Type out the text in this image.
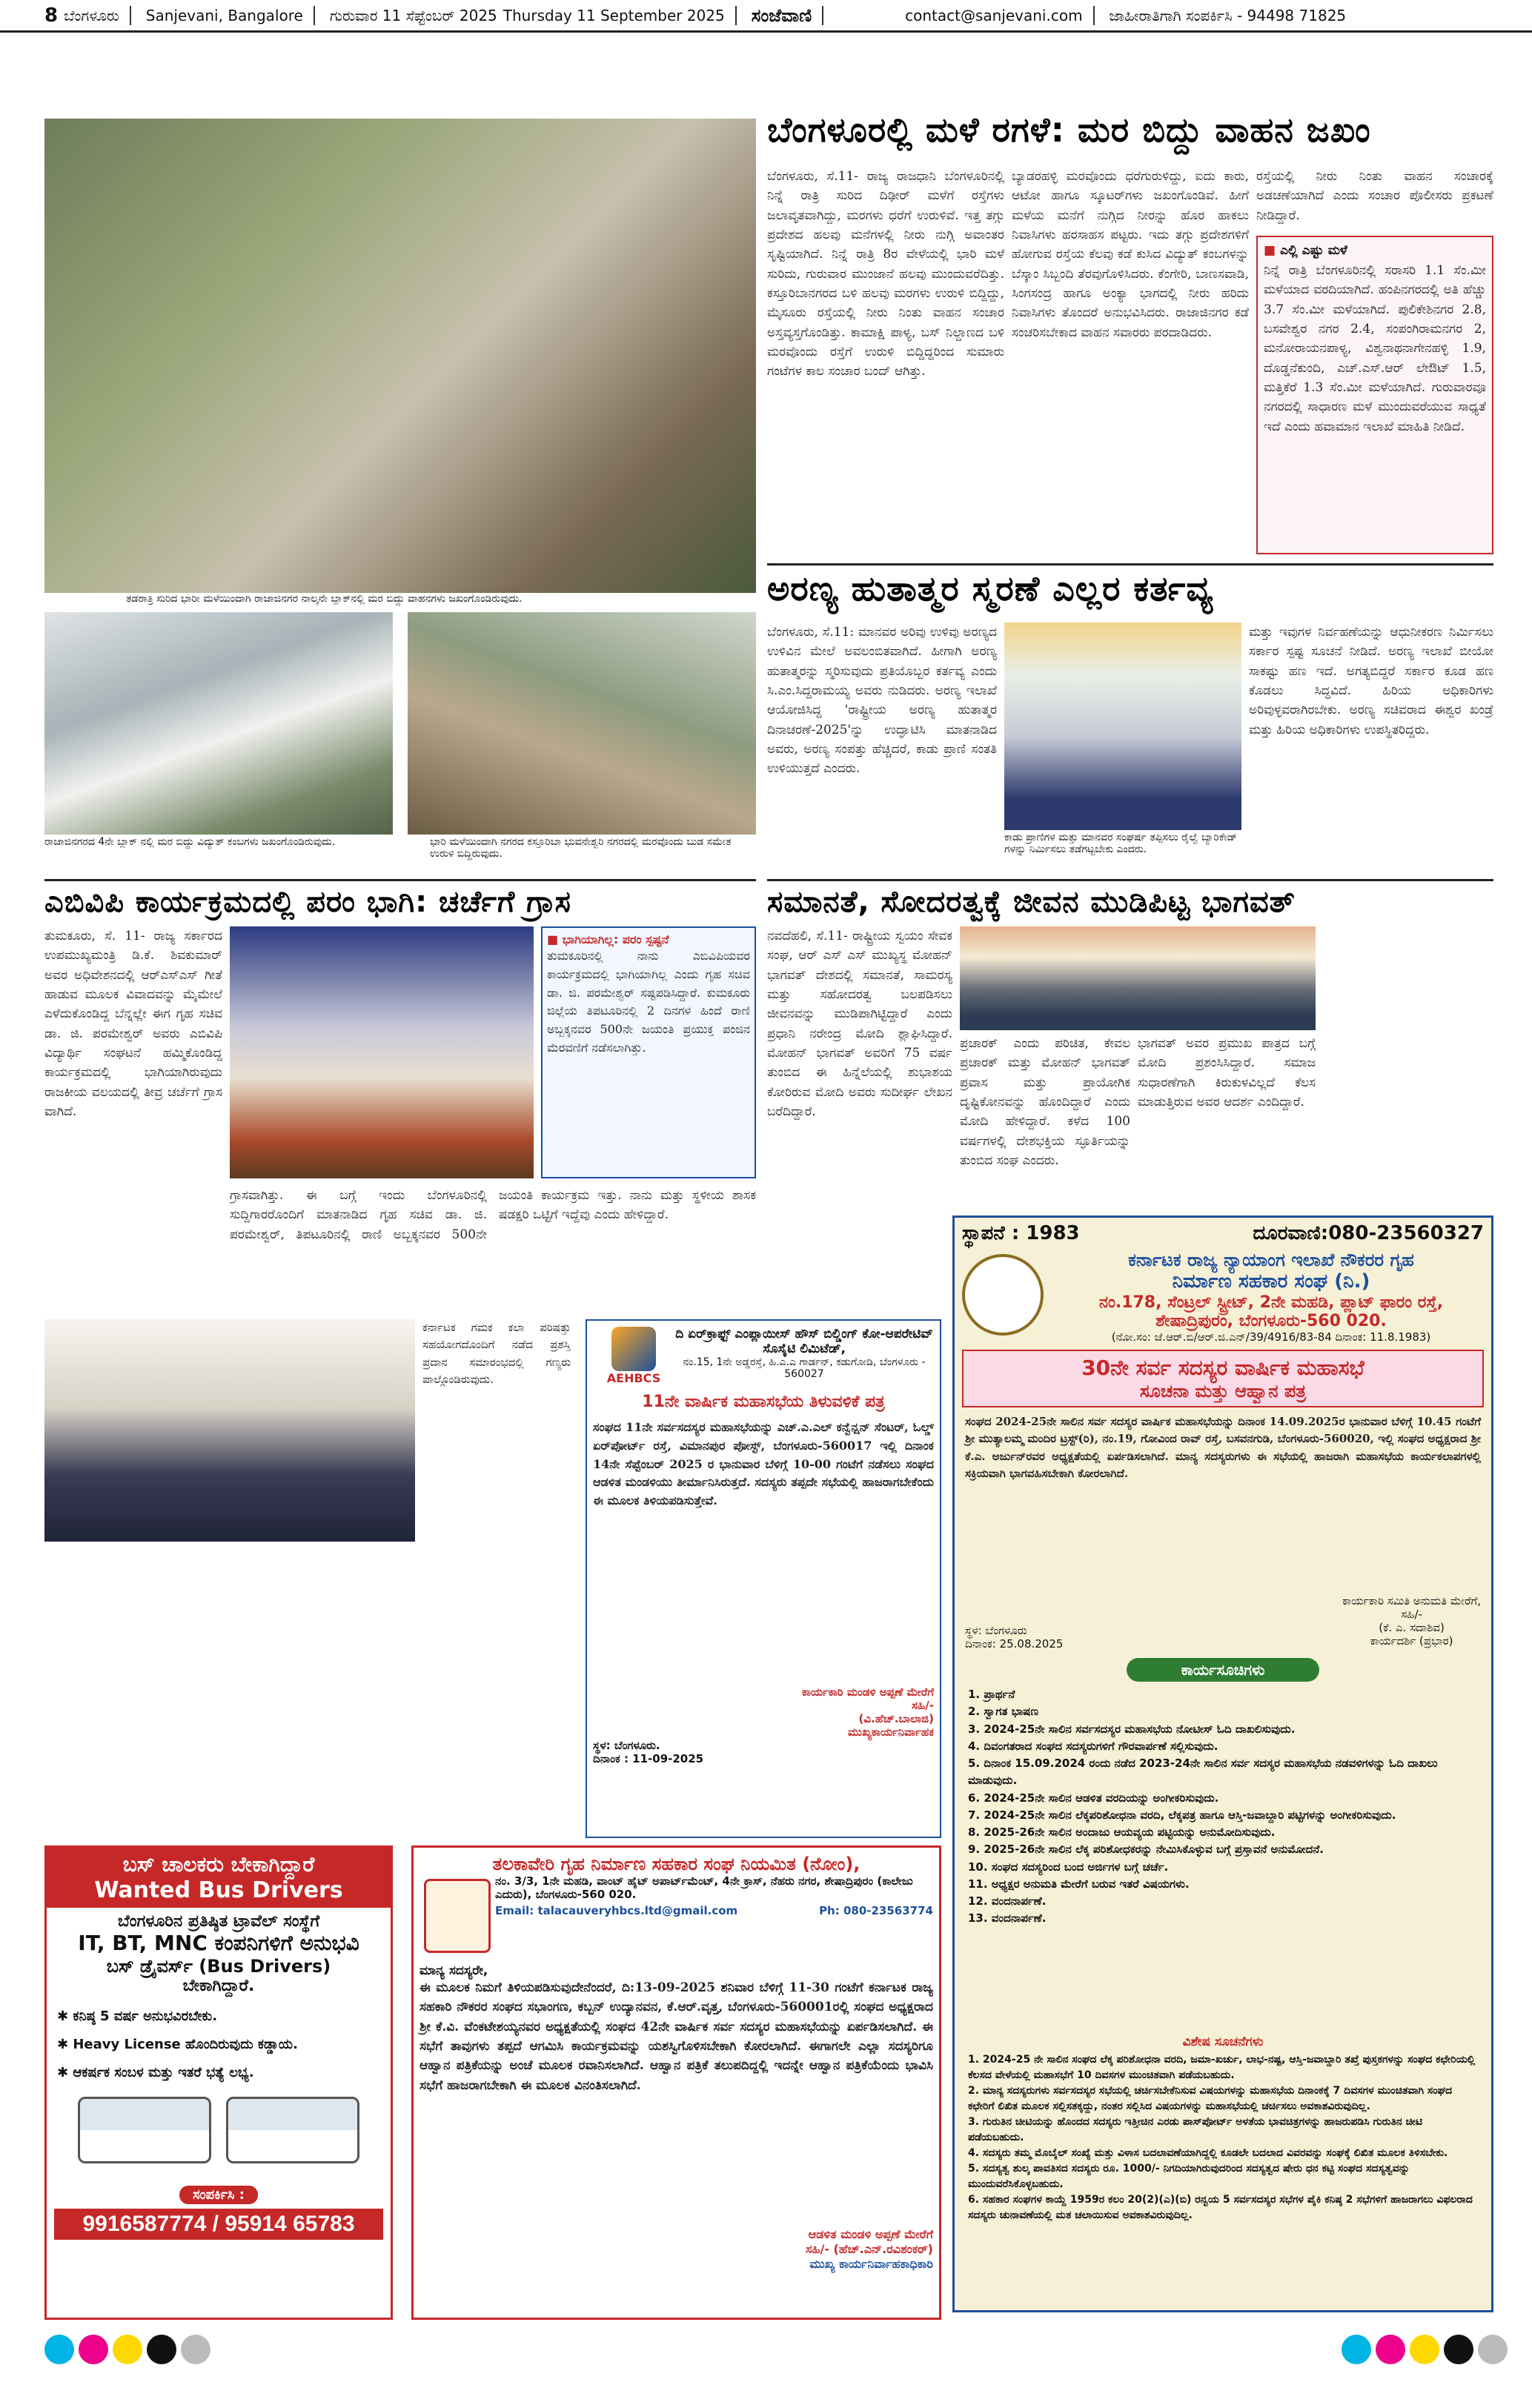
8 ಬೆಂಗಳೂರು Sanjevani, Bangalore ಗುರುವಾರ 11 ಸೆಪ್ಟೆಂಬರ್ 2025 Thursday 11 September 2025 ಸಂಜೆವಾಣಿ	contact@sanjevani.com ಜಾಹೀರಾತಿಗಾಗಿ ಸಂಪರ್ಕಿಸಿ - 94498 71825
ತಡರಾತ್ರಿ ಸುರಿದ ಭಾರೀ ಮಳೆಯಿಂದಾಗಿ ರಾಜಾಜಿನಗರ ನಾಲ್ಕನೇ ಬ್ಲಾಕ್‌ನಲ್ಲಿ ಮರ ಬಿದ್ದು ವಾಹನಗಳು ಜಖಂಗೊಂಡಿರುವುದು.
ರಾಜಾಜಿನಗರದ 4ನೇ ಬ್ಲಾಕ್ ನಲ್ಲಿ ಮರ ಬಿದ್ದು ವಿದ್ಯುತ್ ಕಂಬಗಳು ಜಖಂಗೊಂಡಿರುವುದು.	ಭಾರಿ ಮಳೆಯಿಂದಾಗಿ ನಗರದ ಕಸ್ತೂರಿಬಾ ಭುವನೇಶ್ವರಿ ನಗರದಲ್ಲಿ ಮರವೊಂದು ಬುಡ ಸಮೇತ ಉರುಳಿ ಬಿದ್ದಿರುವುದು.
ಬೆಂಗಳೂರಲ್ಲಿ ಮಳೆ ರಗಳೆ: ಮರ ಬಿದ್ದು ವಾಹನ ಜಖಂ
ಬೆಂಗಳೂರು, ಸೆ.11- ರಾಜ್ಯ ರಾಜಧಾನಿ ಬೆಂಗಳೂರಿನಲ್ಲಿ ನಿನ್ನೆ ರಾತ್ರಿ ಸುರಿದ ದಿಢೀರ್ ಮಳೆಗೆ ರಸ್ತೆಗಳು ಜಲಾವೃತವಾಗಿದ್ದು, ಮರಗಳು ಧರೆಗೆ ಉರುಳಿವೆ. ಇತ್ತ ತಗ್ಗು ಪ್ರದೇಶದ ಹಲವು ಮನೆಗಳಲ್ಲಿ ನೀರು ನುಗ್ಗಿ ಅವಾಂತರ ಸೃಷ್ಟಿಯಾಗಿದೆ. ನಿನ್ನೆ ರಾತ್ರಿ 8ರ ವೇಳೆಯಲ್ಲಿ ಭಾರಿ ಮಳೆ ಸುರಿದು, ಗುರುವಾರ ಮುಂಜಾನೆ ಹಲವು ಮುಂದುವರೆದಿತ್ತು. ಕಸ್ತೂರಿಬಾನಗರದ ಬಳಿ ಹಲವು ಮರಗಳು ಉರುಳಿ ಬಿದ್ದಿದ್ದು, ಮೈಸೂರು ರಸ್ತೆಯಲ್ಲಿ ನೀರು ನಿಂತು ವಾಹನ ಸಂಚಾರ ಅಸ್ತವ್ಯಸ್ತಗೊಂಡಿತ್ತು. ಕಾಮಾಕ್ಷಿ ಪಾಳ್ಯ, ಬಸ್ ನಿಲ್ದಾಣದ ಬಳಿ ಮರವೊಂದು ರಸ್ತೆಗೆ ಉರುಳಿ ಬಿದ್ದಿದ್ದರಿಂದ ಸುಮಾರು ಗಂಟೆಗಳ ಕಾಲ ಸಂಚಾರ ಬಂದ್ ಆಗಿತ್ತು.
ಬ್ಯಾಡರಹಳ್ಳಿ ಮರವೊಂದು ಧರೆಗುರುಳಿದ್ದು, ಐದು ಕಾರು, ಆಟೋ ಹಾಗೂ ಸ್ಕೂಟರ್‌ಗಳು ಜಖಂಗೊಂಡಿವೆ. ಹೀಗೆ ಮಳೆಯ ಮನೆಗೆ ನುಗ್ಗಿದ ನೀರನ್ನು ಹೊರ ಹಾಕಲು ನಿವಾಸಿಗಳು ಹರಸಾಹಸ ಪಟ್ಟರು. ಇದು ತಗ್ಗು ಪ್ರದೇಶಗಳಿಗೆ ಹೋಗುವ ರಸ್ತೆಯ ಕೆಲವು ಕಡೆ ಕುಸಿದ ವಿದ್ಯುತ್ ಕಂಬಗಳನ್ನು ಬೆಸ್ಕಾಂ ಸಿಬ್ಬಂದಿ ತೆರವುಗೊಳಿಸಿದರು. ಕೆಂಗೇರಿ, ಬಾಣಸವಾಡಿ, ಸಿಂಗಸಂದ್ರ ಹಾಗೂ ಅಂಕ್ಯಾ ಭಾಗದಲ್ಲಿ ನೀರು ಹರಿದು ನಿವಾಸಿಗಳು ತೊಂದರೆ ಅನುಭವಿಸಿದರು. ರಾಜಾಜಿನಗರ ಕಡೆ ಸಂಚರಿಸಬೇಕಾದ ವಾಹನ ಸವಾರರು ಪರದಾಡಿದರು.
ರಸ್ತೆಯಲ್ಲಿ ನೀರು ನಿಂತು ವಾಹನ ಸಂಚಾರಕ್ಕೆ ಅಡಚಣೆಯಾಗಿದೆ ಎಂದು ಸಂಚಾರ ಪೊಲೀಸರು ಪ್ರಕಟಣೆ ನೀಡಿದ್ದಾರೆ.
■ ಎಲ್ಲಿ ಎಷ್ಟು ಮಳೆ
ನಿನ್ನೆ ರಾತ್ರಿ ಬೆಂಗಳೂರಿನಲ್ಲಿ ಸರಾಸರಿ 1.1 ಸೆಂ.ಮೀ ಮಳೆಯಾದ ವರದಿಯಾಗಿದೆ. ಹಂಪಿನಗರದಲ್ಲಿ ಅತಿ ಹೆಚ್ಚು 3.7 ಸೆಂ.ಮೀ ಮಳೆಯಾಗಿದೆ. ಪುಲಿಕೇಶಿನಗರ 2.8, ಬಸವೇಶ್ವರ ನಗರ 2.4, ಸಂಪಂಗಿರಾಮನಗರ 2, ಮನೋರಾಯನಪಾಳ್ಯ, ವಿಶ್ವನಾಥನಾಗೇನಹಳ್ಳಿ 1.9, ದೊಡ್ಡನೆಕುಂದಿ, ಎಚ್.ಎಸ್.ಆರ್ ಲೇಔಟ್ 1.5, ಮತ್ತಿಕೆರೆ 1.3 ಸೆಂ.ಮೀ ಮಳೆಯಾಗಿದೆ. ಗುರುವಾರವೂ ನಗರದಲ್ಲಿ ಸಾಧಾರಣ ಮಳೆ ಮುಂದುವರೆಯುವ ಸಾಧ್ಯತೆ ಇದೆ ಎಂದು ಹವಾಮಾನ ಇಲಾಖೆ ಮಾಹಿತಿ ನೀಡಿದೆ.
ಅರಣ್ಯ ಹುತಾತ್ಮರ ಸ್ಮರಣೆ ಎಲ್ಲರ ಕರ್ತವ್ಯ
ಬೆಂಗಳೂರು, ಸೆ.11: ಮಾನವರ ಅರಿವು ಉಳಿವು ಅರಣ್ಯದ ಉಳಿವಿನ ಮೇಲೆ ಅವಲಂಬಿತವಾಗಿದೆ. ಹೀಗಾಗಿ ಅರಣ್ಯ ಹುತಾತ್ಮರನ್ನು ಸ್ಮರಿಸುವುದು ಪ್ರತಿಯೊಬ್ಬರ ಕರ್ತವ್ಯ ಎಂದು ಸಿ.ಎಂ.ಸಿದ್ದರಾಮಯ್ಯ ಅವರು ನುಡಿದರು. ಅರಣ್ಯ ಇಲಾಖೆ ಆಯೋಜಿಸಿದ್ದ 'ರಾಷ್ಟ್ರೀಯ ಅರಣ್ಯ ಹುತಾತ್ಮರ ದಿನಾಚರಣೆ-2025'ನ್ನು ಉದ್ಘಾಟಿಸಿ ಮಾತನಾಡಿದ ಅವರು, ಅರಣ್ಯ ಸಂಪತ್ತು ಹೆಚ್ಚಿದರೆ, ಕಾಡು ಪ್ರಾಣಿ ಸಂತತಿ ಉಳಿಯುತ್ತದೆ ಎಂದರು.
ಕಾಡು ಪ್ರಾಣಿಗಳ ಮತ್ತು ಮಾನವರ ಸಂಘರ್ಷ ತಪ್ಪಿಸಲು ರೈಲ್ವೆ ಬ್ಯಾರಿಕೇಡ್ ಗಳನ್ನು ನಿರ್ಮಿಸಲು ತಡೆಗಟ್ಟಬೇಕು ಎಂದರು.
ಮತ್ತು ಇವುಗಳ ನಿರ್ವಹಣೆಯನ್ನು ಆಧುನೀಕರಣ ನಿರ್ಮಿಸಲು ಸರ್ಕಾರ ಸ್ಪಷ್ಟ ಸೂಚನೆ ನೀಡಿದೆ. ಅರಣ್ಯ ಇಲಾಖೆ ಬೀಯೋ ಸಾಕಷ್ಟು ಹಣ ಇದೆ. ಅಗತ್ಯಬಿದ್ದರೆ ಸರ್ಕಾರ ಕೂಡ ಹಣ ಕೊಡಲು ಸಿದ್ಧವಿದೆ. ಹಿರಿಯ ಅಧಿಕಾರಿಗಳು ಅರಿವುಳ್ಳವರಾಗಿರಬೇಕು. ಅರಣ್ಯ ಸಚಿವರಾದ ಈಶ್ವರ ಖಂಡ್ರೆ ಮತ್ತು ಹಿರಿಯ ಅಧಿಕಾರಿಗಳು ಉಪಸ್ಥಿತರಿದ್ದರು.
ಎಬಿವಿಪಿ ಕಾರ್ಯಕ್ರಮದಲ್ಲಿ ಪರಂ ಭಾಗಿ: ಚರ್ಚೆಗೆ ಗ್ರಾಸ
ತುಮಕೂರು, ಸೆ. 11- ರಾಜ್ಯ ಸರ್ಕಾರದ ಉಪಮುಖ್ಯಮಂತ್ರಿ ಡಿ.ಕೆ. ಶಿವಕುಮಾರ್ ಅವರ ಅಧಿವೇಶನದಲ್ಲಿ ಆರ್‌ಎಸ್‌ಎಸ್ ಗೀತೆ ಹಾಡುವ ಮೂಲಕ ವಿವಾದವನ್ನು ಮೈಮೇಲೆ ಎಳೆದುಕೊಂಡಿದ್ದ ಬೆನ್ನಲ್ಲೇ ಈಗ ಗೃಹ ಸಚಿವ ಡಾ. ಜಿ. ಪರಮೇಶ್ವರ್ ಅವರು ಎಬಿವಿಪಿ ವಿದ್ಯಾರ್ಥಿ ಸಂಘಟನೆ ಹಮ್ಮಿಕೊಂಡಿದ್ದ ಕಾರ್ಯಕ್ರಮದಲ್ಲಿ ಭಾಗಿಯಾಗಿರುವುದು ರಾಜಕೀಯ ವಲಯದಲ್ಲಿ ತೀವ್ರ ಚರ್ಚೆಗೆ ಗ್ರಾಸ ವಾಗಿದೆ.
■ ಭಾಗಿಯಾಗಿಲ್ಲ: ಪರಂ ಸ್ಪಷ್ಟನೆ
ತುಮಕೂರಿನಲ್ಲಿ ನಾನು ಎಬಿವಿಪಿಯವರ ಕಾರ್ಯಕ್ರಮದಲ್ಲಿ ಭಾಗಿಯಾಗಿಲ್ಲ ಎಂದು ಗೃಹ ಸಚಿವ ಡಾ. ಜಿ. ಪರಮೇಶ್ವರ್ ಸಷ್ಟಪಡಿಸಿದ್ದಾರೆ. ಕುಮಕೂರು ಜಿಲ್ಲೆಯ ತಿಪಟೂರಿನಲ್ಲಿ 2 ದಿನಗಳ ಹಿಂದೆ ರಾಣಿ ಅಬ್ಬಕ್ಕನವರ 500ನೇ ಜಯಂತಿ ಪ್ರಯುಕ್ತ ಪಂಜಿನ ಮೆರವಣಿಗೆ ನಡೆಸಲಾಗಿತ್ತು.
ಗ್ರಾಸವಾಗಿತ್ತು. ಈ ಬಗ್ಗೆ ಇಂದು ಬೆಂಗಳೂರಿನಲ್ಲಿ ಸುದ್ದಿಗಾರರೊಂದಿಗೆ ಮಾತನಾಡಿದ ಗೃಹ ಸಚಿವ ಡಾ. ಜಿ. ಪರಮೇಶ್ವರ್, ತಿಪಟೂರಿನಲ್ಲಿ ರಾಣಿ ಅಬ್ಬಕ್ಕನವರ 500ನೇ ಜಯಂತಿ ಕಾರ್ಯಕ್ರಮ ಇತ್ತು. ನಾನು ಮತ್ತು ಸ್ಥಳೀಯ ಶಾಸಕ ಷಡಕ್ಷರಿ ಒಟ್ಟಿಗೆ ಇದ್ದೆವು ಎಂದು ಹೇಳಿದ್ದಾರೆ.
ಸಮಾನತೆ, ಸೋದರತ್ವಕ್ಕೆ ಜೀವನ ಮುಡಿಪಿಟ್ಟ ಭಾಗವತ್
ನವದೆಹಲಿ, ಸೆ.11- ರಾಷ್ಟ್ರೀಯ ಸ್ವಯಂ ಸೇವಕ ಸಂಘ, ಆರ್ ಎಸ್ ಎಸ್ ಮುಖ್ಯಸ್ಥ ಮೋಹನ್ ಭಾಗವತ್ ದೇಶದಲ್ಲಿ ಸಮಾನತೆ, ಸಾಮರಸ್ಯ ಮತ್ತು ಸಹೋದರತ್ವ ಬಲಪಡಿಸಲು ಜೀವನವನ್ನು ಮುಡಿಪಾಗಿಟ್ಟಿದ್ದಾರೆ ಎಂದು ಪ್ರಧಾನಿ ನರೇಂದ್ರ ಮೋದಿ ಶ್ಲಾಘಿಸಿದ್ದಾರೆ. ಮೋಹನ್ ಭಾಗವತ್ ಅವರಿಗೆ 75 ವರ್ಷ ತುಂಬಿದ ಈ ಹಿನ್ನೆಲೆಯಲ್ಲಿ ಶುಭಾಶಯ ಕೋರಿರುವ ಮೋದಿ ಅವರು ಸುದೀರ್ಘ ಲೇಖನ ಬರೆದಿದ್ದಾರೆ.
ಪ್ರಚಾರಕ್ ಎಂದು ಪರಿಚಿತ, ಕೇವಲ ಪ್ರಚಾರಕ್ ಮತ್ತು ಮೋಹನ್ ಭಾಗವತ್ ಪ್ರವಾಸ ಮತ್ತು ಪ್ರಾಯೋಗಿಕ ದೃಷ್ಟಿಕೋನವನ್ನು ಹೊಂದಿದ್ದಾರೆ ಎಂದು ಮೋದಿ ಹೇಳಿದ್ದಾರೆ. ಕಳೆದ 100 ವರ್ಷಗಳಲ್ಲಿ ದೇಶಭಕ್ತಿಯ ಸ್ಫೂರ್ತಿಯನ್ನು ತುಂಬಿದ ಸಂಘ ಎಂದರು.
ಭಾಗವತ್ ಅವರ ಪ್ರಮುಖ ಪಾತ್ರದ ಬಗ್ಗೆ ಮೋದಿ ಪ್ರಶಂಸಿಸಿದ್ದಾರೆ. ಸಮಾಜ ಸುಧಾರಣೆಗಾಗಿ ಕಿರುಕುಳವಿಲ್ಲದೆ ಕೆಲಸ ಮಾಡುತ್ತಿರುವ ಅವರ ಆದರ್ಶ ಎಂದಿದ್ದಾರೆ.
ಸ್ಥಾಪನೆ : 1983	ದೂರವಾಣಿ:080-23560327
ಕರ್ನಾಟಕ ರಾಜ್ಯ ನ್ಯಾಯಾಂಗ ಇಲಾಖೆ ನೌಕರರ ಗೃಹ
ನಿರ್ಮಾಣ ಸಹಕಾರ ಸಂಘ (ನಿ.)
ನಂ.178, ಸೆಂಟ್ರಲ್ ಸ್ಟ್ರೀಟ್, 2ನೇ ಮಹಡಿ, ಪ್ಲಾಟ್ ಫಾರಂ ರಸ್ತೆ,
ಶೇಷಾದ್ರಿಪುರಂ, ಬೆಂಗಳೂರು-560 020.
(ನೋ.ಸಂ: ಜೆ.ಆರ್.ಬಿ/ಆರ್.ಜಿ.ಎನ್/39/4916/83-84 ದಿನಾಂಕ: 11.8.1983)
30ನೇ ಸರ್ವ ಸದಸ್ಯರ ವಾರ್ಷಿಕ ಮಹಾಸಭೆ
ಸೂಚನಾ ಮತ್ತು ಆಹ್ವಾನ ಪತ್ರ
ಸಂಘದ 2024-25ನೇ ಸಾಲಿನ ಸರ್ವ ಸದಸ್ಯರ ವಾರ್ಷಿಕ ಮಹಾಸಭೆಯನ್ನು ದಿನಾಂಕ 14.09.2025ರ ಭಾನುವಾರ ಬೆಳಿಗ್ಗೆ 10.45 ಗಂಟೆಗೆ ಶ್ರೀ ಮುತ್ಯಾಲಮ್ಮ ಮಂದಿರ ಟ್ರಸ್ಟ್(ರಿ), ನಂ.19, ಗೋವಿಂದ ರಾವ್ ರಸ್ತೆ, ಬಸವನಗುಡಿ, ಬೆಂಗಳೂರು-560020, ಇಲ್ಲಿ ಸಂಘದ ಅಧ್ಯಕ್ಷರಾದ ಶ್ರೀ ಕೆ.ಎ. ಅರ್ಜುನ್‌ರವರ ಅಧ್ಯಕ್ಷತೆಯಲ್ಲಿ ಏರ್ಪಡಿಸಲಾಗಿದೆ. ಮಾನ್ಯ ಸದಸ್ಯರುಗಳು ಈ ಸಭೆಯಲ್ಲಿ ಹಾಜರಾಗಿ ಮಹಾಸಭೆಯ ಕಾರ್ಯಕಲಾಪಗಳಲ್ಲಿ ಸಕ್ರಿಯವಾಗಿ ಭಾಗವಹಿಸಬೇಕಾಗಿ ಕೋರಲಾಗಿದೆ.
ಸ್ಥಳ: ಬೆಂಗಳೂರು
ದಿನಾಂಕ: 25.08.2025
ಕಾರ್ಯಕಾರಿ ಸಮಿತಿ ಅನುಮತಿ ಮೇರೆಗೆ,
ಸಹಿ/-
(ಕೆ. ಎ. ಸದಾಶಿವ)
ಕಾರ್ಯದರ್ಶಿ (ಪ್ರಭಾರ)
ಕಾರ್ಯಸೂಚಿಗಳು
1. ಪ್ರಾರ್ಥನೆ
2. ಸ್ವಾಗತ ಭಾಷಣ
3. 2024-25ನೇ ಸಾಲಿನ ಸರ್ವಸದಸ್ಯರ ಮಹಾಸಭೆಯ ನೋಟೀಸ್ ಓದಿ ದಾಖಲಿಸುವುದು.
4. ದಿವಂಗತರಾದ ಸಂಘದ ಸದಸ್ಯರುಗಳಿಗೆ ಗೌರವಾರ್ಪಣೆ ಸಲ್ಲಿಸುವುದು.
5. ದಿನಾಂಕ 15.09.2024 ರಂದು ನಡೆದ 2023-24ನೇ ಸಾಲಿನ ಸರ್ವ ಸದಸ್ಯರ ಮಹಾಸಭೆಯ ನಡವಳಿಗಳನ್ನು ಓದಿ ದಾಖಲು ಮಾಡುವುದು.
6. 2024-25ನೇ ಸಾಲಿನ ಆಡಳಿತ ವರದಿಯನ್ನು ಅಂಗೀಕರಿಸುವುದು.
7. 2024-25ನೇ ಸಾಲಿನ ಲೆಕ್ಕಪರಿಶೋಧನಾ ವರದಿ, ಲೆಕ್ಕಪತ್ರ ಹಾಗೂ ಆಸ್ತಿ-ಜವಾಬ್ದಾರಿ ಪಟ್ಟಿಗಳನ್ನು ಅಂಗೀಕರಿಸುವುದು.
8. 2025-26ನೇ ಸಾಲಿನ ಅಂದಾಜು ಆಯವ್ಯಯ ಪಟ್ಟಿಯನ್ನು ಅನುಮೋದಿಸುವುದು.
9. 2025-26ನೇ ಸಾಲಿನ ಲೆಕ್ಕ ಪರಿಶೋಧಕರನ್ನು ನೇಮಿಸಿಕೊಳ್ಳುವ ಬಗ್ಗೆ ಪ್ರಸ್ತಾವನೆ ಅನುಮೋದನೆ.
10. ಸಂಘದ ಸದಸ್ಯರಿಂದ ಬಂದ ಅರ್ಜಿಗಳ ಬಗ್ಗೆ ಚರ್ಚೆ.
11. ಅಧ್ಯಕ್ಷರ ಅನುಮತಿ ಮೇರೆಗೆ ಬರುವ ಇತರೆ ವಿಷಯಗಳು.
12. ವಂದನಾರ್ಪಣೆ.
13. ವಂದನಾರ್ಪಣೆ.
ವಿಶೇಷ ಸೂಚನೆಗಳು
1. 2024-25 ನೇ ಸಾಲಿನ ಸಂಘದ ಲೆಕ್ಕ ಪರಿಶೋಧನಾ ವರದಿ, ಜಮಾ-ಖರ್ಚು, ಲಾಭ-ನಷ್ಟ, ಆಸ್ತಿ-ಜವಾಬ್ದಾರಿ ತಖ್ತೆ ಪುಸ್ತಕಗಳನ್ನು ಸಂಘದ ಕಛೇರಿಯಲ್ಲಿ ಕೆಲಸದ ವೇಳೆಯಲ್ಲಿ ಮಹಾಸಭೆಗೆ 10 ದಿವಸಗಳ ಮುಂಚಿತವಾಗಿ ಪಡೆಯಬಹುದು.
2. ಮಾನ್ಯ ಸದಸ್ಯರುಗಳು ಸರ್ವಸದಸ್ಯರ ಸಭೆಯಲ್ಲಿ ಚರ್ಚಿಸಬೇಕೆನಿಸುವ ವಿಷಯಗಳನ್ನು ಮಹಾಸಭೆಯ ದಿನಾಂಕಕ್ಕೆ 7 ದಿವಸಗಳ ಮುಂಚಿತವಾಗಿ ಸಂಘದ ಕಛೇರಿಗೆ ಲಿಖಿತ ಮೂಲಕ ಸಲ್ಲಿಸತಕ್ಕದ್ದು, ನಂತರ ಸಲ್ಲಿಸಿದ ವಿಷಯಗಳನ್ನು ಮಹಾಸಭೆಯಲ್ಲಿ ಚರ್ಚಿಸಲು ಅವಕಾಶವಿರುವುದಿಲ್ಲ.
3. ಗುರುತಿನ ಚೀಟಿಯನ್ನು ಹೊಂದದ ಸದಸ್ಯರು ಇತ್ತೀಚಿನ ಎರಡು ಪಾಸ್‌ಪೋರ್ಟ್ ಅಳತೆಯ ಭಾವಚಿತ್ರಗಳನ್ನು ಹಾಜರುಪಡಿಸಿ ಗುರುತಿನ ಚೀಟಿ ಪಡೆಯಬಹುದು.
4. ಸದಸ್ಯರು ತಮ್ಮ ಮೊಬೈಲ್ ಸಂಖ್ಯೆ ಮತ್ತು ವಿಳಾಸ ಬದಲಾವಣೆಯಾಗಿದ್ದಲ್ಲಿ ಕೂಡಲೇ ಬದಲಾದ ವಿವರವನ್ನು ಸಂಘಕ್ಕೆ ಲಿಖಿತ ಮೂಲಕ ತಿಳಿಸಬೇಕು.
5. ಸದಸ್ಯತ್ವ ಶುಲ್ಕ ಪಾವತಿಸದ ಸದಸ್ಯರು ರೂ. 1000/- ನಿಗದಿಯಾಗಿರುವುದರಿಂದ ಸದಸ್ಯತ್ವದ ಷೇರು ಧನ ಕಟ್ಟಿ ಸಂಘದ ಸದಸ್ಯತ್ವವನ್ನು ಮುಂದುವರೆಸಿಕೊಳ್ಳಬಹುದು.
6. ಸಹಕಾರ ಸಂಘಗಳ ಕಾಯ್ದೆ 1959ರ ಕಲಂ 20(2)(ಎ)(ಬಿ) ರನ್ವಯ 5 ಸರ್ವಸದಸ್ಯರ ಸಭೆಗಳ ಪೈಕಿ ಕನಿಷ್ಠ 2 ಸಭೆಗಳಿಗೆ ಹಾಜರಾಗಲು ವಿಫಲರಾದ ಸದಸ್ಯರು ಚುನಾವಣೆಯಲ್ಲಿ ಮತ ಚಲಾಯಿಸುವ ಅವಕಾಶವಿರುವುದಿಲ್ಲ.
ಕರ್ನಾಟಕ ಗಮಕ ಕಲಾ ಪರಿಷತ್ತು ಸಹಯೋಗದೊಂದಿಗೆ ನಡೆದ ಪ್ರಶಸ್ತಿ ಪ್ರದಾನ ಸಮಾರಂಭದಲ್ಲಿ ಗಣ್ಯರು ಪಾಲ್ಗೊಂಡಿರುವುದು.	AEHBCS
ದಿ ಏರ್‌ಕ್ರಾಫ್ಟ್ ಎಂಪ್ಲಾಯೀಸ್ ಹೌಸ್ ಬಿಲ್ಡಿಂಗ್ ಕೋ-ಆಪರೇಟಿವ್ ಸೊಸೈಟಿ ಲಿಮಿಟೆಡ್,
ನಂ.15, 1ನೇ ಅಡ್ಡರಸ್ತೆ, ಹಿ.ಎ.ಎ ಗಾರ್ಡನ್, ಕಡುಗೋಡಿ, ಬೆಂಗಳೂರು - 560027
11ನೇ ವಾರ್ಷಿಕ ಮಹಾಸಭೆಯ ತಿಳುವಳಿಕೆ ಪತ್ರ
ಸಂಘದ 11ನೇ ಸರ್ವಸದಸ್ಯರ ಮಹಾಸಭೆಯನ್ನು ಎಚ್.ಎ.ಎಲ್ ಕನ್ವೆನ್ಷನ್ ಸೆಂಟರ್, ಓಲ್ಡ್ ಏರ್‌ಪೋರ್ಟ್ ರಸ್ತೆ, ವಿಮಾನಪುರ ಪೋಸ್ಟ್, ಬೆಂಗಳೂರು-560017 ಇಲ್ಲಿ ದಿನಾಂಕ 14ನೇ ಸೆಪ್ಟೆಂಬರ್ 2025 ರ ಭಾನುವಾರ ಬೆಳಿಗ್ಗೆ 10-00 ಗಂಟೆಗೆ ನಡೆಸಲು ಸಂಘದ ಆಡಳಿತ ಮಂಡಳಿಯು ತೀರ್ಮಾನಿಸಿರುತ್ತದೆ. ಸದಸ್ಯರು ತಪ್ಪದೇ ಸಭೆಯಲ್ಲಿ ಹಾಜರಾಗಬೇಕೆಂದು ಈ ಮೂಲಕ ತಿಳಿಯಪಡಿಸುತ್ತೇವೆ.
ಕಾರ್ಯಕಾರಿ ಮಂಡಳಿ ಅಪ್ಪಣೆ ಮೇರೆಗೆ
ಸಹಿ/-
(ವಿ.ಹೆಚ್.ಬಾಲಾಜಿ)
ಮುಖ್ಯಕಾರ್ಯನಿರ್ವಾಹಕ
ಸ್ಥಳ: ಬೆಂಗಳೂರು.
ದಿನಾಂಕ : 11-09-2025
ಬಸ್ ಚಾಲಕರು ಬೇಕಾಗಿದ್ದಾರೆ
Wanted Bus Drivers
ಬೆಂಗಳೂರಿನ ಪ್ರತಿಷ್ಠಿತ ಟ್ರಾವೆಲ್ ಸಂಸ್ಥೆಗೆ
IT, BT, MNC ಕಂಪನಿಗಳಿಗೆ ಅನುಭವಿ
ಬಸ್ ಡ್ರೈವರ್ಸ್ (Bus Drivers)
ಬೇಕಾಗಿದ್ದಾರೆ.
✱ ಕನಿಷ್ಠ 5 ವರ್ಷ ಅನುಭವಿರಬೇಕು.
✱ Heavy License ಹೊಂದಿರುವುದು ಕಡ್ಡಾಯ.
✱ ಆಕರ್ಷಕ ಸಂಬಳ ಮತ್ತು ಇತರೆ ಭತ್ಯೆ ಲಭ್ಯ.
ಸಂಪರ್ಕಿಸಿ :
9916587774 / 95914 65783
ತಲಕಾವೇರಿ ಗೃಹ ನಿರ್ಮಾಣ ಸಹಕಾರ ಸಂಘ ನಿಯಮಿತ (ನೋಂ),
ನಂ. 3/3, 1ನೇ ಮಹಡಿ, ವಾಂಟ್ ಹೈಟ್ ಅಪಾರ್ಟ್‌ಮೆಂಟ್, 4ನೇ ಕ್ರಾಸ್, ನೆಹರು ನಗರ, ಶೇಷಾದ್ರಿಪುರಂ (ಕಾಲೇಜು ಎದುರು), ಬೆಂಗಳೂರು-560 020.
Email: talacauveryhbcs.ltd@gmail.com	Ph: 080-23563774
ಮಾನ್ಯ ಸದಸ್ಯರೇ,
ಈ ಮೂಲಕ ನಿಮಗೆ ತಿಳಿಯಪಡಿಸುವುದೇನೆಂದರೆ, ದಿ:13-09-2025 ಶನಿವಾರ ಬೆಳಿಗ್ಗೆ 11-30 ಗಂಟೆಗೆ ಕರ್ನಾಟಕ ರಾಜ್ಯ ಸಹಕಾರಿ ನೌಕರರ ಸಂಘದ ಸಭಾಂಗಣ, ಕಬ್ಬನ್ ಉದ್ಯಾನವನ, ಕೆ.ಆರ್.ವೃತ್ತ, ಬೆಂಗಳೂರು-560001ರಲ್ಲಿ ಸಂಘದ ಅಧ್ಯಕ್ಷರಾದ ಶ್ರೀ ಕೆ.ವಿ. ವೆಂಕಟೇಶಯ್ಯನವರ ಅಧ್ಯಕ್ಷತೆಯಲ್ಲಿ ಸಂಘದ 42ನೇ ವಾರ್ಷಿಕ ಸರ್ವ ಸದಸ್ಯರ ಮಹಾಸಭೆಯನ್ನು ಏರ್ಪಡಿಸಲಾಗಿದೆ. ಈ ಸಭೆಗೆ ತಾವುಗಳು ತಪ್ಪದೆ ಆಗಮಿಸಿ ಕಾರ್ಯಕ್ರಮವನ್ನು ಯಶಸ್ವಿಗೊಳಿಸಬೇಕಾಗಿ ಕೋರಲಾಗಿದೆ. ಈಗಾಗಲೇ ಎಲ್ಲಾ ಸದಸ್ಯರಿಗೂ ಆಹ್ವಾನ ಪತ್ರಿಕೆಯನ್ನು ಅಂಚೆ ಮೂಲಕ ರವಾನಿಸಲಾಗಿದೆ. ಆಹ್ವಾನ ಪತ್ರಿಕೆ ತಲುಪದಿದ್ದಲ್ಲಿ ಇದನ್ನೇ ಆಹ್ವಾನ ಪತ್ರಿಕೆಯೆಂದು ಭಾವಿಸಿ ಸಭೆಗೆ ಹಾಜರಾಗಬೇಕಾಗಿ ಈ ಮೂಲಕ ವಿನಂತಿಸಲಾಗಿದೆ.
ಆಡಳಿತ ಮಂಡಳಿ ಅಪ್ಪಣೆ ಮೇರೆಗೆ
ಸಹಿ/- (ಹೆಚ್.ಎನ್.ರವಿಶಂಕರ್)
ಮುಖ್ಯ ಕಾರ್ಯನಿರ್ವಾಹಕಾಧಿಕಾರಿ
